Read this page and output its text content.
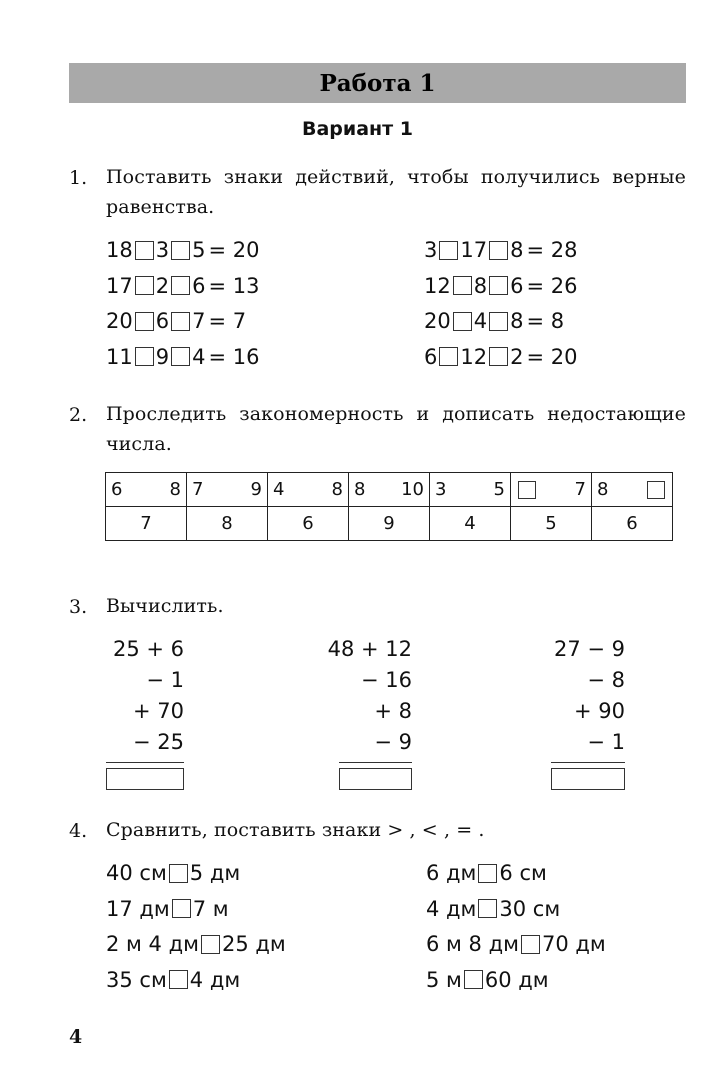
Работа 1
Вариант 1
1. Поставить знаки действий, чтобы получились верные равенства.
2. Проследить закономерность и дописать недостающие числа.
6 8	7 9	4 8	8 10	3 5	7	8

7	8	6	9	4	5	6
3. Вычислить.
25 + 6
− 1
+ 70
− 25
48 + 12
− 16
+ 8
− 9
27 − 9
− 8
+ 90
− 1
4. Сравнить, поставить знаки > , < , = .
4
18 3 5 = 20
17 2 6 = 13
20 6 7 = 7
11 9 4 = 16
3 17 8 = 28
12 8 6 = 26
20 4 8 = 8
6 12 2 = 20
40 см 5 дм
17 дм 7 м
2 м 4 дм 25 дм
35 см 4 дм
6 дм 6 см
4 дм 30 см
6 м 8 дм 70 дм
5 м 60 дм
